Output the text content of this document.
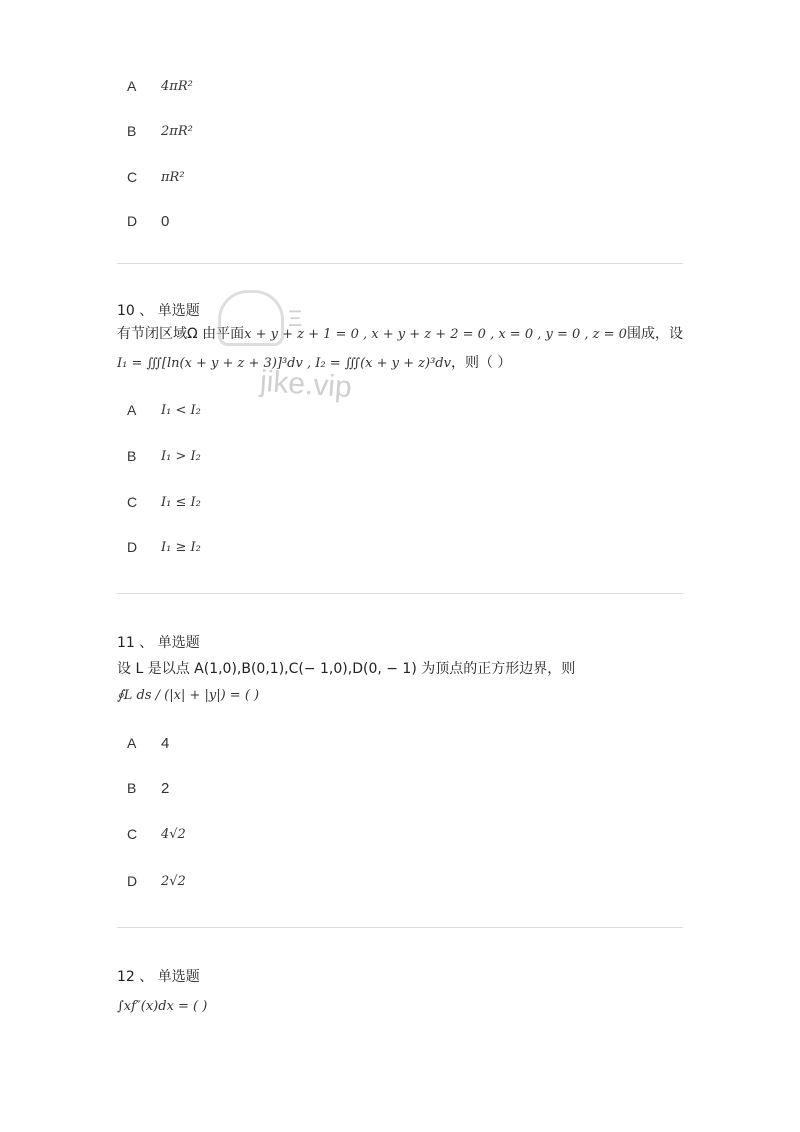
A	4πR²
B	2πR²
C	πR²
D	0
10 、 单选题
有节闭区域Ω 由平面x + y + z + 1 = 0 , x + y + z + 2 = 0 , x = 0 , y = 0 , z = 0围成，设
I₁ = ∭[ln(x + y + z + 3)]³dv , I₂ = ∭(x + y + z)³dv，则（ ）
A	I₁ < I₂
B	I₁ > I₂
C	I₁ ≤ I₂
D	I₁ ≥ I₂
11 、 单选题
设 L 是以点 A(1,0),B(0,1),C(− 1,0),D(0, − 1) 为顶点的正方形边界，则
∮L ds / (|x| + |y|) = ( )
A	4
B	2
C	4√2
D	2√2
12 、 单选题
∫xf″(x)dx = ( )
Ξ
jike.vip
